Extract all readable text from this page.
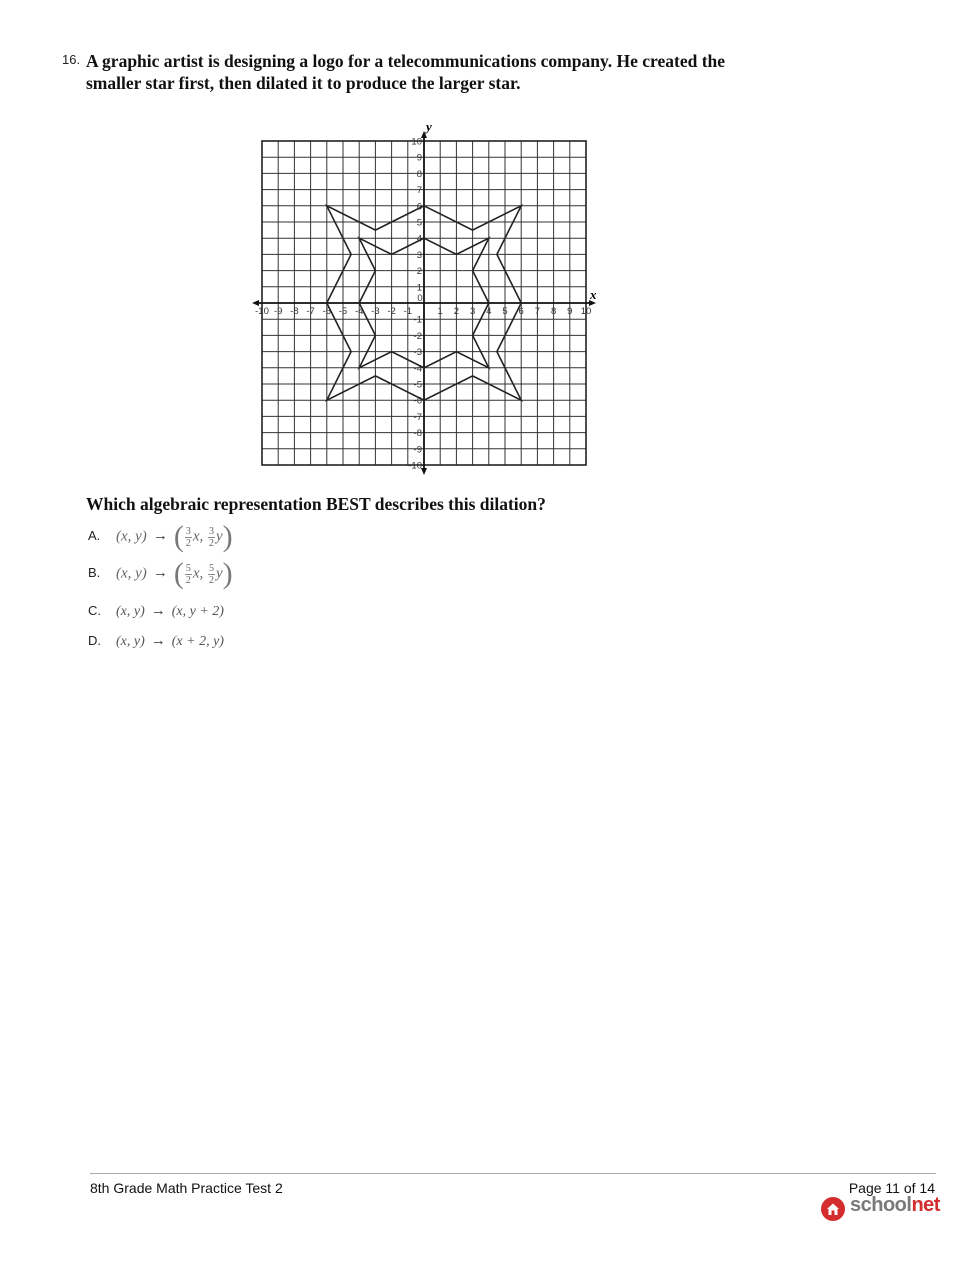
16. A graphic artist is designing a logo for a telecommunications company. He created the smaller star first, then dilated it to produce the larger star.
-10 -9 -8 -7 -6 -5 -4 -3 -2 -1
0
1 2 3 4 5 6 7 8 9 10
10
9
8
7
6
5
4
3
2
1
-1
-2
-3
-4
-5
-6
-7
-8
-9
-10
x
y
Which algebraic representation BEST describes this dilation?
A. (x, y) → ( $\frac{3}{2} x$, $\frac{3}{2} y$)
B. (x, y) → ( $\frac{5}{2} x$, $\frac{5}{2} y$)
C. (x, y) → (x, y + 2)
D. (x, y) → (x + 2, y)
8th Grade Math Practice Test 2	Page 11 of 14
schoolnet
